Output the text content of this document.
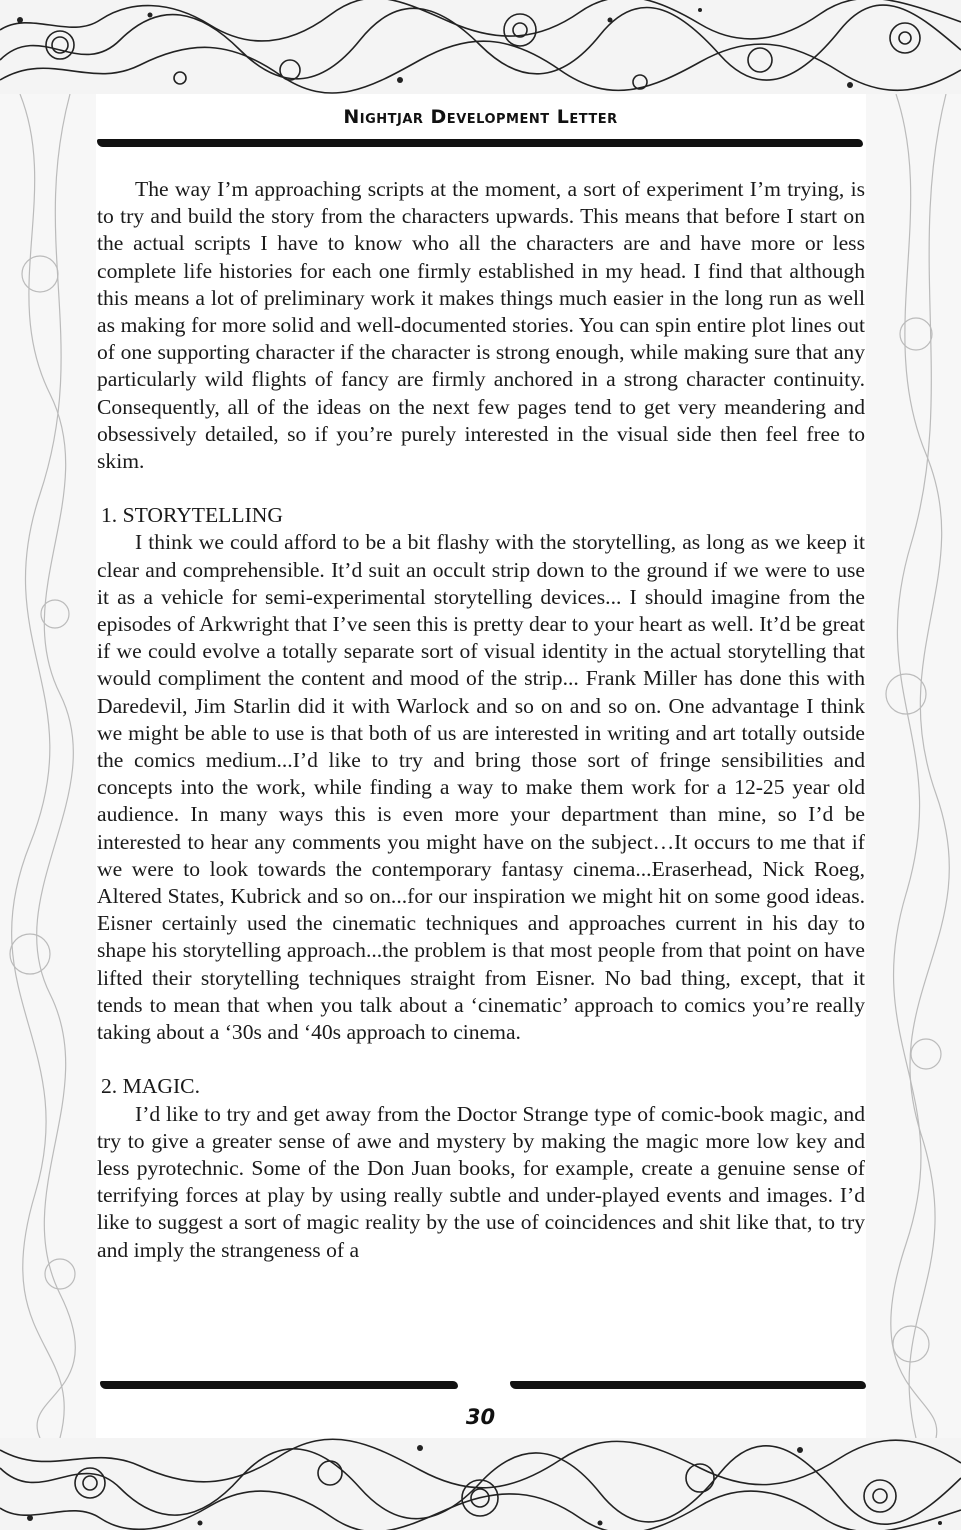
Nightjar Development Letter

The way I’m approaching scripts at the moment, a sort of experiment I’m trying, is to try and build the story from the characters upwards. This means that before I start on the actual scripts I have to know who all the characters are and have more or less complete life histories for each one firmly established in my head. I find that although this means a lot of preliminary work it makes things much easier in the long run as well as making for more solid and well-documented stories. You can spin entire plot lines out of one supporting character if the character is strong enough, while making sure that any particularly wild flights of fancy are firmly anchored in a strong character continuity. Consequently, all of the ideas on the next few pages tend to get very meandering and obsessively detailed, so if you’re purely interested in the visual side then feel free to skim.

1. STORYTELLING

I think we could afford to be a bit flashy with the storytelling, as long as we keep it clear and comprehensible. It’d suit an occult strip down to the ground if we were to use it as a vehicle for semi-experimental storytelling devices... I should imagine from the episodes of Arkwright that I’ve seen this is pretty dear to your heart as well. It’d be great if we could evolve a totally separate sort of visual identity in the actual storytelling that would compliment the content and mood of the strip... Frank Miller has done this with Daredevil, Jim Starlin did it with Warlock and so on and so on. One advantage I think we might be able to use is that both of us are interested in writing and art totally outside the comics medium...I’d like to try and bring those sort of fringe sensibilities and concepts into the work, while finding a way to make them work for a 12-25 year old audience. In many ways this is even more your department than mine, so I’d be interested to hear any comments you might have on the subject…It occurs to me that if we were to look towards the contemporary fantasy cinema...Eraserhead, Nick Roeg, Altered States, Kubrick and so on...for our inspiration we might hit on some good ideas. Eisner certainly used the cinematic techniques and approaches current in his day to shape his storytelling approach...the problem is that most people from that point on have lifted their storytelling techniques straight from Eisner. No bad thing, except, that it tends to mean that when you talk about a ‘cinematic’ approach to comics you’re really taking about a ‘30s and ‘40s approach to cinema.

2. MAGIC.

I’d like to try and get away from the Doctor Strange type of comic-book magic, and try to give a greater sense of awe and mystery by making the magic more low key and less pyrotechnic. Some of the Don Juan books, for example, create a genuine sense of terrifying forces at play by using really subtle and under-played events and images. I’d like to suggest a sort of magic reality by the use of coincidences and shit like that, to try and imply the strangeness of a

30
